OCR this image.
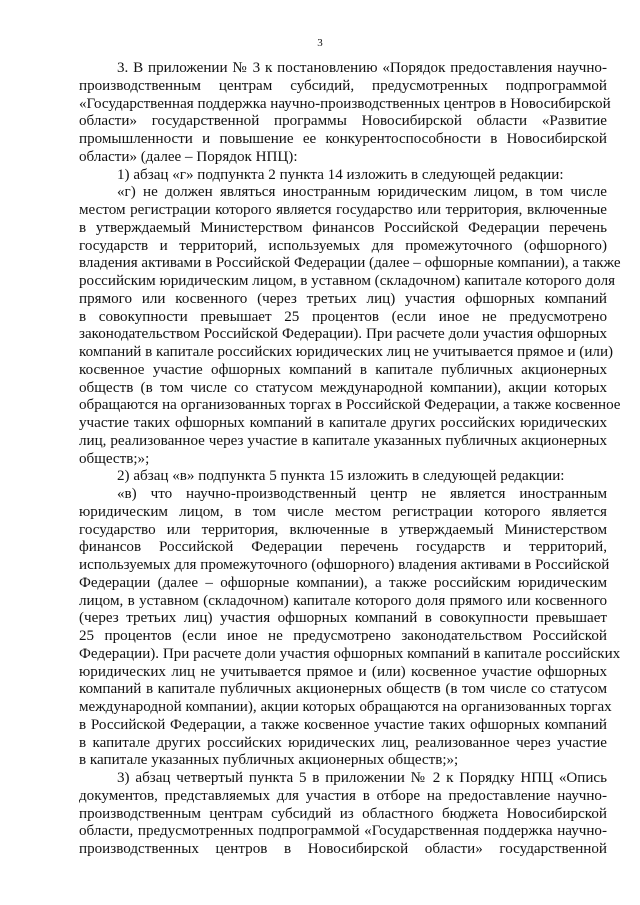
3
3. В приложении № 3 к постановлению «Порядок предоставления научно-
производственным центрам субсидий, предусмотренных подпрограммой
«Государственная поддержка научно-производственных центров в Новосибирской
области» государственной программы Новосибирской области «Развитие
промышленности и повышение ее конкурентоспособности в Новосибирской
области» (далее – Порядок НПЦ):
1) абзац «г» подпункта 2 пункта 14 изложить в следующей редакции:
«г) не должен являться иностранным юридическим лицом, в том числе
местом регистрации которого является государство или территория, включенные
в утверждаемый Министерством финансов Российской Федерации перечень
государств и территорий, используемых для промежуточного (офшорного)
владения активами в Российской Федерации (далее – офшорные компании), а также
российским юридическим лицом, в уставном (складочном) капитале которого доля
прямого или косвенного (через третьих лиц) участия офшорных компаний
в совокупности превышает 25 процентов (если иное не предусмотрено
законодательством Российской Федерации). При расчете доли участия офшорных
компаний в капитале российских юридических лиц не учитывается прямое и (или)
косвенное участие офшорных компаний в капитале публичных акционерных
обществ (в том числе со статусом международной компании), акции которых
обращаются на организованных торгах в Российской Федерации, а также косвенное
участие таких офшорных компаний в капитале других российских юридических
лиц, реализованное через участие в капитале указанных публичных акционерных
обществ;»;
2) абзац «в» подпункта 5 пункта 15 изложить в следующей редакции:
«в) что научно-производственный центр не является иностранным
юридическим лицом, в том числе местом регистрации которого является
государство или территория, включенные в утверждаемый Министерством
финансов Российской Федерации перечень государств и территорий,
используемых для промежуточного (офшорного) владения активами в Российской
Федерации (далее – офшорные компании), а также российским юридическим
лицом, в уставном (складочном) капитале которого доля прямого или косвенного
(через третьих лиц) участия офшорных компаний в совокупности превышает
25 процентов (если иное не предусмотрено законодательством Российской
Федерации). При расчете доли участия офшорных компаний в капитале российских
юридических лиц не учитывается прямое и (или) косвенное участие офшорных
компаний в капитале публичных акционерных обществ (в том числе со статусом
международной компании), акции которых обращаются на организованных торгах
в Российской Федерации, а также косвенное участие таких офшорных компаний
в капитале других российских юридических лиц, реализованное через участие
в капитале указанных публичных акционерных обществ;»;
3) абзац четвертый пункта 5 в приложении № 2 к Порядку НПЦ «Опись
документов, представляемых для участия в отборе на предоставление научно-
производственным центрам субсидий из областного бюджета Новосибирской
области, предусмотренных подпрограммой «Государственная поддержка научно-
производственных центров в Новосибирской области» государственной
